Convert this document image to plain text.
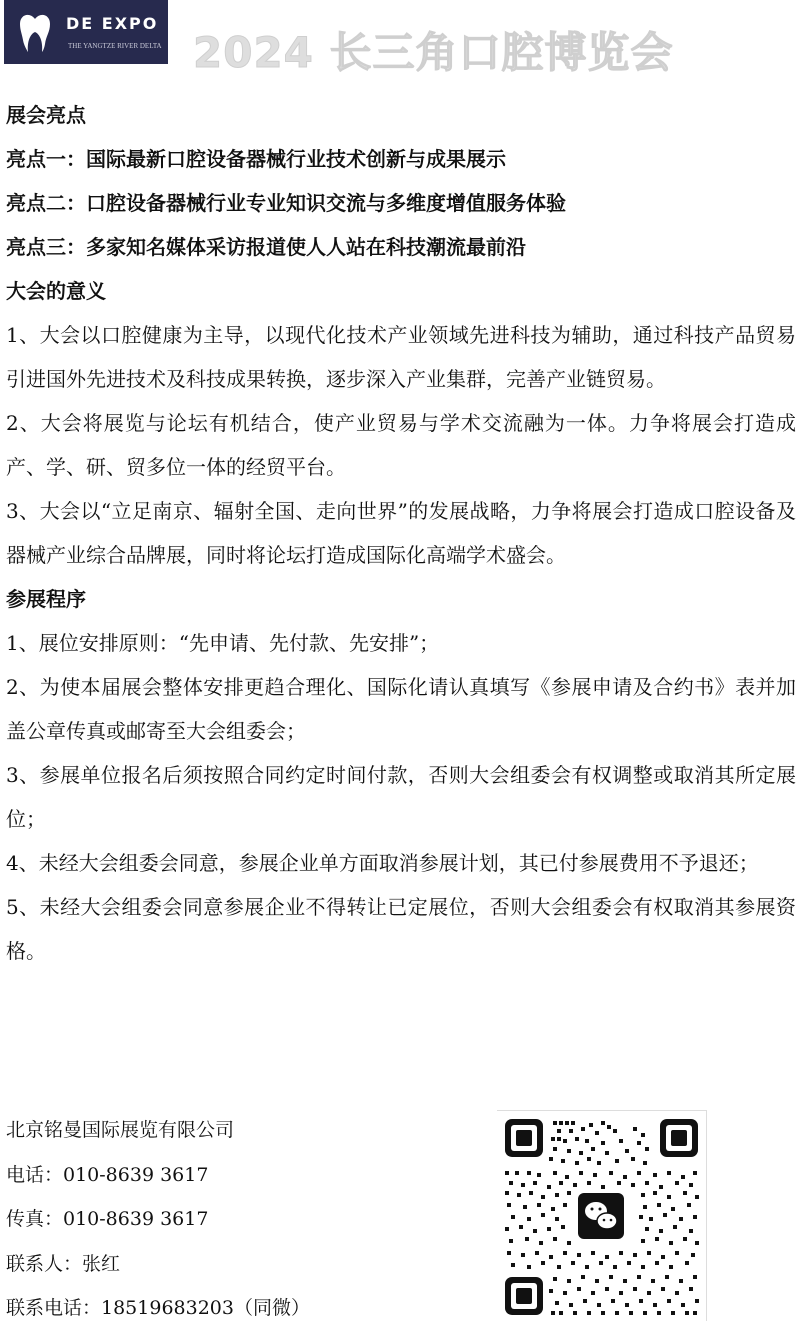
DE EXPO
THE YANGTZE RIVER DELTA 2024 长三角口腔博览会
展会亮点
亮点一：国际最新口腔设备器械行业技术创新与成果展示
亮点二：口腔设备器械行业专业知识交流与多维度增值服务体验
亮点三：多家知名媒体采访报道使人人站在科技潮流最前沿
大会的意义
1、大会以口腔健康为主导，以现代化技术产业领域先进科技为辅助，通过科技产品贸易引进国外先进技术及科技成果转换，逐步深入产业集群，完善产业链贸易。
2、大会将展览与论坛有机结合，使产业贸易与学术交流融为一体。力争将展会打造成产、学、研、贸多位一体的经贸平台。
3、大会以“立足南京、辐射全国、走向世界”的发展战略，力争将展会打造成口腔设备及器械产业综合品牌展，同时将论坛打造成国际化高端学术盛会。
参展程序
1、展位安排原则：“先申请、先付款、先安排”；
2、为使本届展会整体安排更趋合理化、国际化请认真填写《参展申请及合约书》表并加盖公章传真或邮寄至大会组委会；
3、参展单位报名后须按照合同约定时间付款，否则大会组委会有权调整或取消其所定展位；
4、未经大会组委会同意，参展企业单方面取消参展计划，其已付参展费用不予退还；
5、未经大会组委会同意参展企业不得转让已定展位，否则大会组委会有权取消其参展资格。
北京铭曼国际展览有限公司
电话：010-8639 3617
传真：010-8639 3617
联系人：张红
联系电话：18519683203（同微）
